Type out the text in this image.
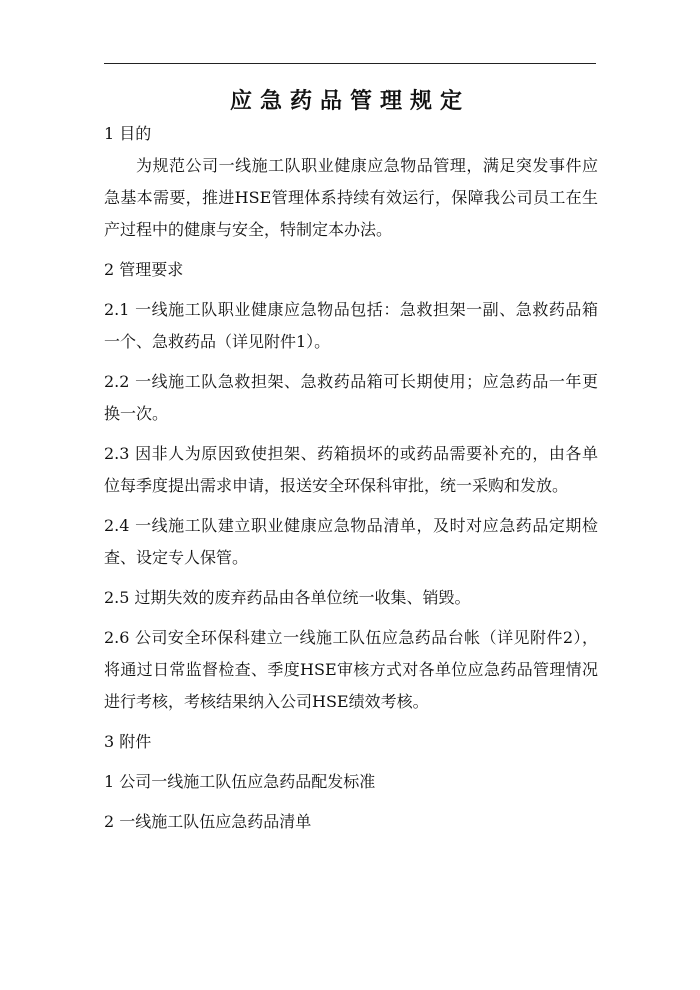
应急药品管理规定

1 目的

为规范公司一线施工队职业健康应急物品管理，满足突发事件应急基本需要，推进HSE管理体系持续有效运行，保障我公司员工在生产过程中的健康与安全，特制定本办法。

2 管理要求

2.1 一线施工队职业健康应急物品包括：急救担架一副、急救药品箱一个、急救药品（详见附件1）。

2.2 一线施工队急救担架、急救药品箱可长期使用；应急药品一年更换一次。

2.3 因非人为原因致使担架、药箱损坏的或药品需要补充的，由各单位每季度提出需求申请，报送安全环保科审批，统一采购和发放。

2.4 一线施工队建立职业健康应急物品清单，及时对应急药品定期检查、设定专人保管。

2.5 过期失效的废弃药品由各单位统一收集、销毁。

2.6 公司安全环保科建立一线施工队伍应急药品台帐（详见附件2），将通过日常监督检查、季度HSE审核方式对各单位应急药品管理情况进行考核，考核结果纳入公司HSE绩效考核。

3 附件

1 公司一线施工队伍应急药品配发标准

2 一线施工队伍应急药品清单
